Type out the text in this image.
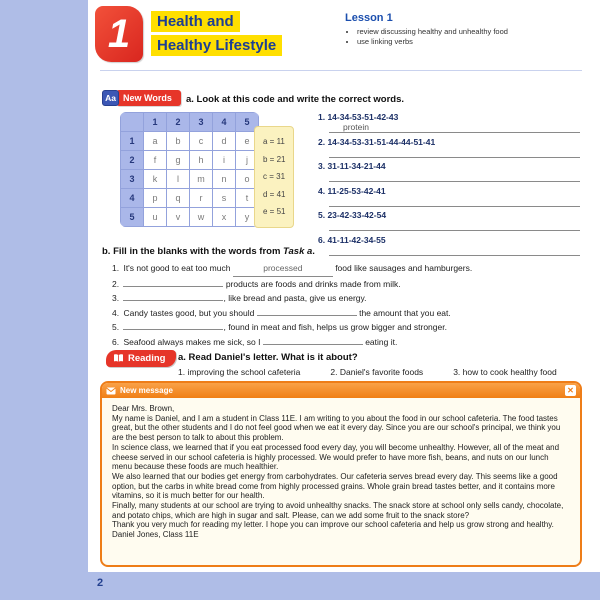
2
1	Health and
Healthy Lifestyle
Lesson 1
• review discussing healthy and unhealthy food
• use linking verbs
Aa New Words	a. Look at this code and write the correct words.
	1	2	3	4	5
1	a	b	c	d	e
2	f	g	h	i	j
3	k	l	m	n	o
4	p	q	r	s	t
5	u	v	w	x	y
a = 11
b = 21
c = 31
d = 41
e = 51
1. 14-34-53-51-42-43
protein
2. 14-34-53-31-51-44-44-51-41
3. 31-11-34-21-44
4. 11-25-53-42-41
5. 23-42-33-42-54
6. 41-11-42-34-55
b. Fill in the blanks with the words from Task a.
1. It's not good to eat too much	processed	food like sausages and hamburgers.
2.	products are foods and drinks made from milk.
3.	, like bread and pasta, give us energy.
4. Candy tastes good, but you should	the amount that you eat.
5.	, found in meat and fish, helps us grow bigger and stronger.
6. Seafood always makes me sick, so I	eating it.
Reading a. Read Daniel's letter. What is it about?
1. improving the school cafeteria	2. Daniel's favorite foods	3. how to cook healthy food
New message	✕

Dear Mrs. Brown,

My name is Daniel, and I am a student in Class 11E. I am writing to you about the food in our school cafeteria. The food tastes great, but the other students and I do not feel good when we eat it every day. Since you are our school's principal, we think you are the best person to talk to about this problem.

In science class, we learned that if you eat processed food every day, you will become unhealthy. However, all of the meat and cheese served in our school cafeteria is highly processed. We would prefer to have more fish, beans, and nuts on our lunch menu because these foods are much healthier.

We also learned that our bodies get energy from carbohydrates. Our cafeteria serves bread every day. This seems like a good option, but the carbs in white bread come from highly processed grains. Whole grain bread tastes better, and it contains more vitamins, so it is much better for our health.

Finally, many students at our school are trying to avoid unhealthy snacks. The snack store at school only sells candy, chocolate, and potato chips, which are high in sugar and salt. Please, can we add some fruit to the snack store?

Thank you very much for reading my letter. I hope you can improve our school cafeteria and help us grow strong and healthy.

Daniel Jones, Class 11E
